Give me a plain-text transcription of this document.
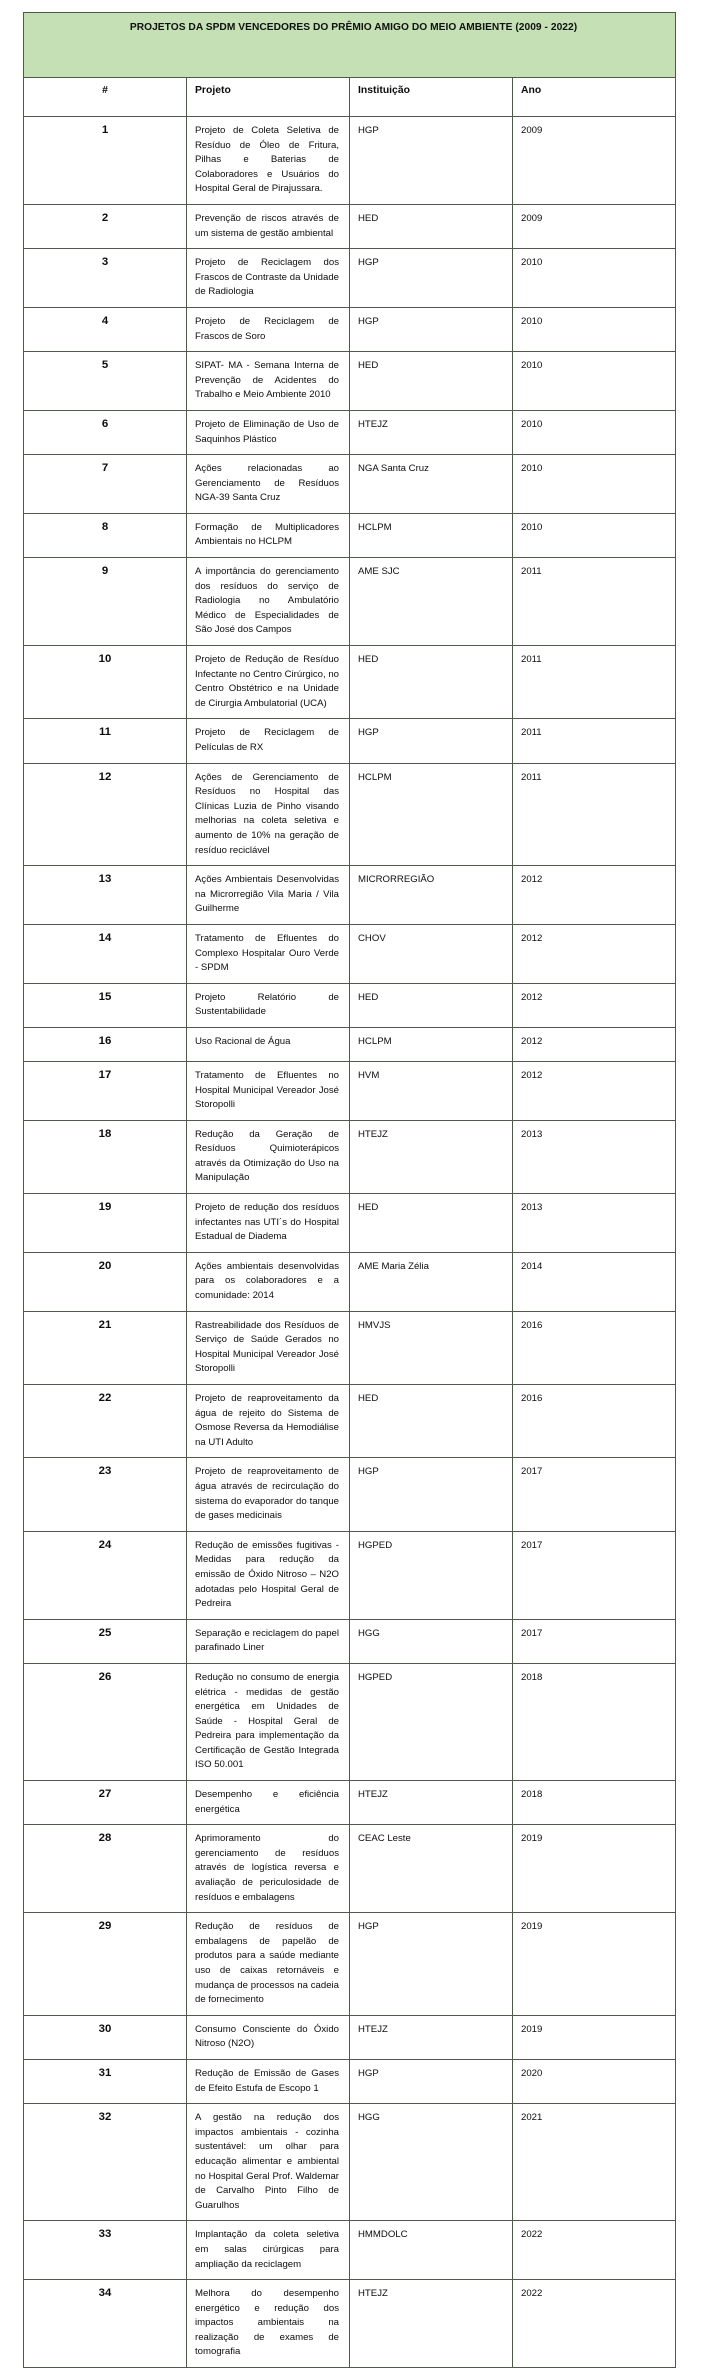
PROJETOS DA SPDM VENCEDORES DO PRÊMIO AMIGO DO MEIO AMBIENTE (2009 - 2022)			
#	Projeto	Instituição	Ano
1	Projeto de Coleta Seletiva de Resíduo de Óleo de Fritura, Pilhas e Baterias de Colaboradores e Usuários do Hospital Geral de Pirajussara.	HGP	2009
2	Prevenção de riscos através de um sistema de gestão ambiental	HED	2009
3	Projeto de Reciclagem dos Frascos de Contraste da Unidade de Radiologia	HGP	2010
4	Projeto de Reciclagem de Frascos de Soro	HGP	2010
5	SIPAT- MA - Semana Interna de Prevenção de Acidentes do Trabalho e Meio Ambiente 2010	HED	2010
6	Projeto de Eliminação de Uso de Saquinhos Plástico	HTEJZ	2010
7	Ações relacionadas ao Gerenciamento de Resíduos NGA-39 Santa Cruz	NGA Santa Cruz	2010
8	Formação de Multiplicadores Ambientais no HCLPM	HCLPM	2010
9	A importância do gerenciamento dos resíduos do serviço de Radiologia no Ambulatório Médico de Especialidades de São José dos Campos	AME SJC	2011
10	Projeto de Redução de Resíduo Infectante no Centro Cirúrgico, no Centro Obstétrico e na Unidade de Cirurgia Ambulatorial (UCA)	HED	2011
11	Projeto de Reciclagem de Películas de RX	HGP	2011
12	Ações de Gerenciamento de Resíduos no Hospital das Clínicas Luzia de Pinho visando melhorias na coleta seletiva e aumento de 10% na geração de resíduo reciclável	HCLPM	2011
13	Ações Ambientais Desenvolvidas na Microrregião Vila Maria / Vila Guilherme	MICRORREGIÃO	2012
14	Tratamento de Efluentes do Complexo Hospitalar Ouro Verde - SPDM	CHOV	2012
15	Projeto Relatório de Sustentabilidade	HED	2012
16	Uso Racional de Água	HCLPM	2012
17	Tratamento de Efluentes no Hospital Municipal Vereador José Storopolli	HVM	2012
18	Redução da Geração de Resíduos Quimioterápicos através da Otimização do Uso na Manipulação	HTEJZ	2013
19	Projeto de redução dos resíduos infectantes nas UTI´s do Hospital Estadual de Diadema	HED	2013
20	Ações ambientais desenvolvidas para os colaboradores e a comunidade: 2014	AME Maria Zélia	2014
21	Rastreabilidade dos Resíduos de Serviço de Saúde Gerados no Hospital Municipal Vereador José Storopolli	HMVJS	2016
22	Projeto de reaproveitamento da água de rejeito do Sistema de Osmose Reversa da Hemodiálise na UTI Adulto	HED	2016
23	Projeto de reaproveitamento de água através de recirculação do sistema do evaporador do tanque de gases medicinais	HGP	2017
24	Redução de emissões fugitivas - Medidas para redução da emissão de Óxido Nitroso – N2O adotadas pelo Hospital Geral de Pedreira	HGPED	2017
25	Separação e reciclagem do papel parafinado Liner	HGG	2017
26	Redução no consumo de energia elétrica - medidas de gestão energética em Unidades de Saúde - Hospital Geral de Pedreira para implementação da Certificação de Gestão Integrada ISO 50.001	HGPED	2018
27	Desempenho e eficiência energética	HTEJZ	2018
28	Aprimoramento do gerenciamento de resíduos através de logística reversa e avaliação de periculosidade de resíduos e embalagens	CEAC Leste	2019
29	Redução de resíduos de embalagens de papelão de produtos para a saúde mediante uso de caixas retornáveis e mudança de processos na cadeia de fornecimento	HGP	2019
30	Consumo Consciente do Óxido Nitroso (N2O)	HTEJZ	2019
31	Redução de Emissão de Gases de Efeito Estufa de Escopo 1	HGP	2020
32	A gestão na redução dos impactos ambientais - cozinha sustentável: um olhar para educação alimentar e ambiental no Hospital Geral Prof. Waldemar de Carvalho Pinto Filho de Guarulhos	HGG	2021
33	Implantação da coleta seletiva em salas cirúrgicas para ampliação da reciclagem	HMMDOLC	2022
34	Melhora do desempenho energético e redução dos impactos ambientais na realização de exames de tomografia	HTEJZ	2022
